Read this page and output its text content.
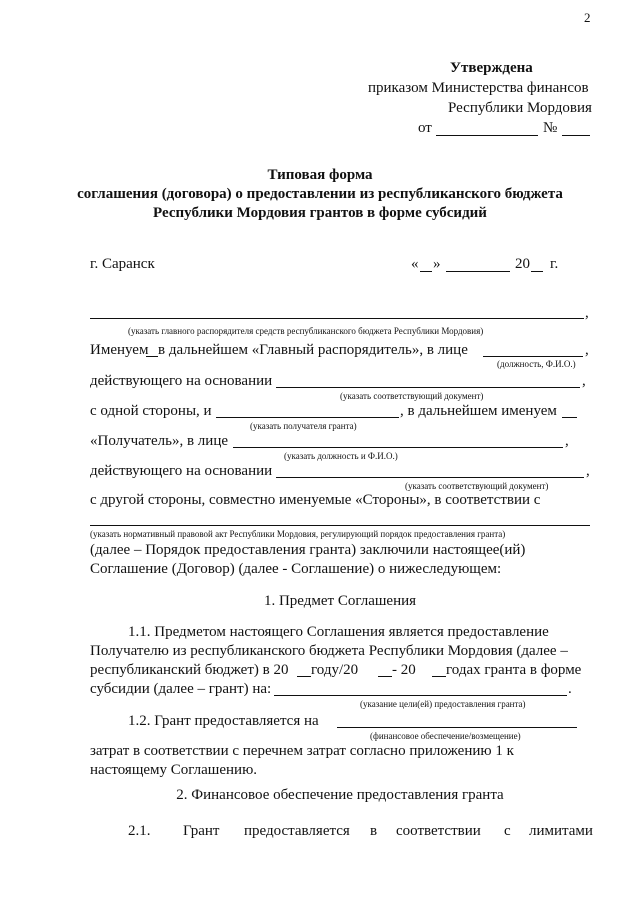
2
Утверждена
приказом Министерства финансов
Республики Мордовия
от	№
Типовая форма
соглашения (договора) о предоставлении из республиканского бюджета
Республики Мордовия грантов в форме субсидий
г. Саранск	« »	20 г.
,
(указать главного распорядителя средств республиканского бюджета Республики Мордовия)
Именуем в дальнейшем «Главный распорядитель», в лице	,
(должность, Ф.И.О.)
действующего на основании	,
(указать соответствующий документ)
с одной стороны, и	, в дальнейшем именуем
(указать получателя гранта)
«Получатель», в лице	,
(указать должность и Ф.И.О.)
действующего на основании	,
(указать соответствующий документ)
с другой стороны, совместно именуемые «Стороны», в соответствии с
(указать нормативный правовой акт Республики Мордовия, регулирующий порядок предоставления гранта)
(далее – Порядок предоставления гранта) заключили настоящее(ий)
Соглашение (Договор) (далее - Соглашение) о нижеследующем:
1. Предмет Соглашения
1.1. Предметом настоящего Соглашения является предоставление
Получателю из республиканского бюджета Республики Мордовия (далее –
республиканский бюджет) в 20 году/20 - 20 годах гранта в форме
субсидии (далее – грант) на:	.
(указание цели(ей) предоставления гранта)
1.2. Грант предоставляется на
(финансовое обеспечение/возмещение)
затрат в соответствии с перечнем затрат согласно приложению 1 к
настоящему Соглашению.
2. Финансовое обеспечение предоставления гранта
2.1. Грант предоставляется в соответствии с лимитами
